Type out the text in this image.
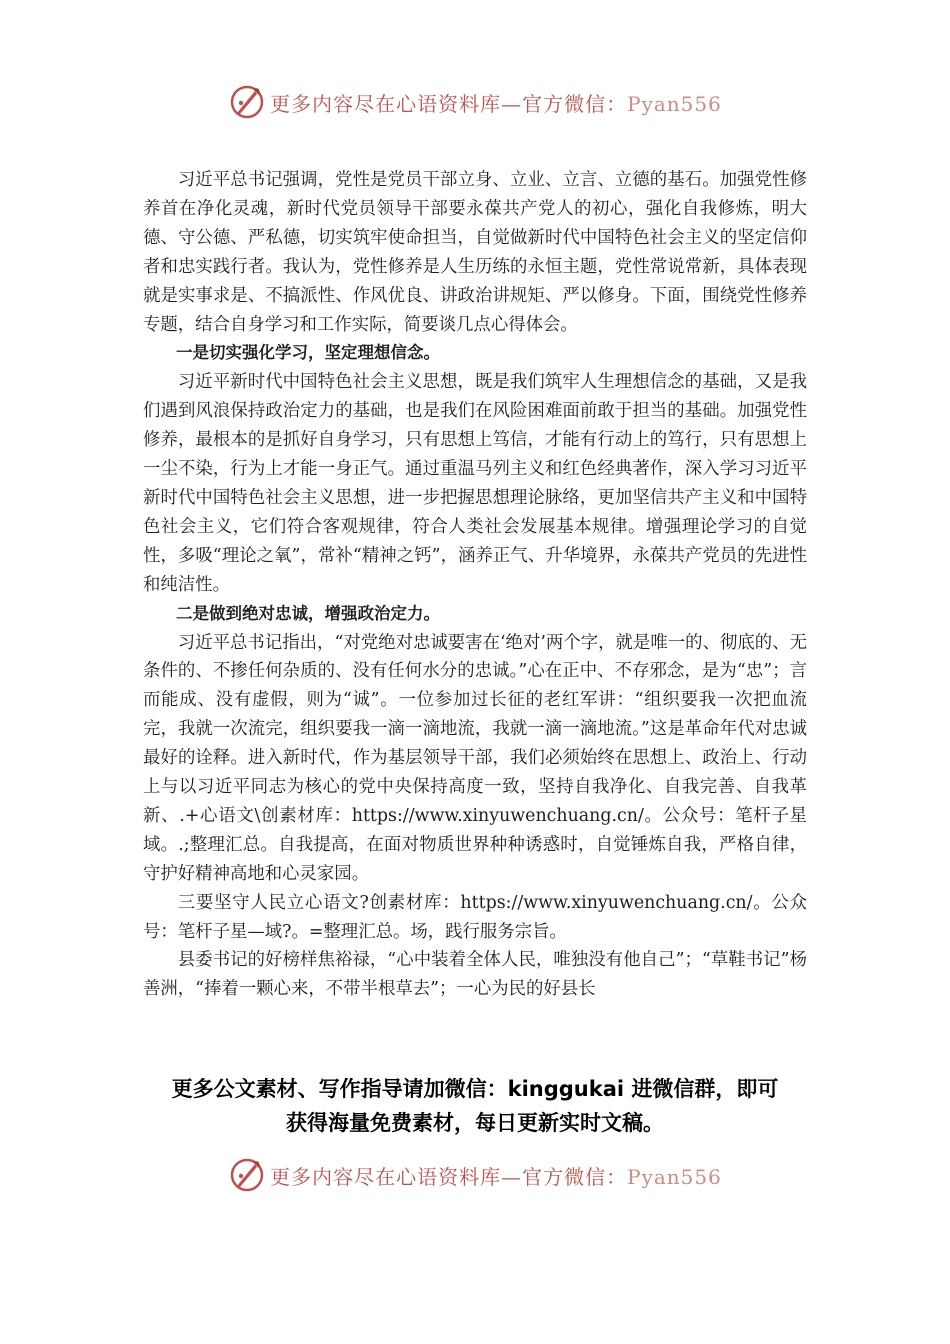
更多内容尽在心语资料库—官方微信：Pyan556

习近平总书记强调，党性是党员干部立身、立业、立言、立德的基石。加强党性修养首在净化灵魂，新时代党员领导干部要永葆共产党人的初心，强化自我修炼，明大德、守公德、严私德，切实筑牢使命担当，自觉做新时代中国特色社会主义的坚定信仰者和忠实践行者。我认为，党性修养是人生历练的永恒主题，党性常说常新，具体表现就是实事求是、不搞派性、作风优良、讲政治讲规矩、严以修身。下面，围绕党性修养专题，结合自身学习和工作实际，简要谈几点心得体会。

一是切实强化学习，坚定理想信念。

习近平新时代中国特色社会主义思想，既是我们筑牢人生理想信念的基础，又是我们遇到风浪保持政治定力的基础，也是我们在风险困难面前敢于担当的基础。加强党性修养，最根本的是抓好自身学习，只有思想上笃信，才能有行动上的笃行，只有思想上一尘不染，行为上才能一身正气。通过重温马列主义和红色经典著作，深入学习习近平新时代中国特色社会主义思想，进一步把握思想理论脉络，更加坚信共产主义和中国特色社会主义，它们符合客观规律，符合人类社会发展基本规律。增强理论学习的自觉性，多吸“理论之氧”，常补“精神之钙”，涵养正气、升华境界，永葆共产党员的先进性和纯洁性。

二是做到绝对忠诚，增强政治定力。

习近平总书记指出，“对党绝对忠诚要害在‘绝对’两个字，就是唯一的、彻底的、无条件的、不掺任何杂质的、没有任何水分的忠诚。”心在正中、不存邪念，是为“忠”；言而能成、没有虚假，则为“诚”。一位参加过长征的老红军讲：“组织要我一次把血流完，我就一次流完，组织要我一滴一滴地流，我就一滴一滴地流。”这是革命年代对忠诚最好的诠释。进入新时代，作为基层领导干部，我们必须始终在思想上、政治上、行动上与以习近平同志为核心的党中央保持高度一致，坚持自我净化、自我完善、自我革新、.+心语文\创素材库：https://www.xinyuwenchuang.cn/。公众号：笔杆子星域。.;整理汇总。自我提高，在面对物质世界种种诱惑时，自觉锤炼自我，严格自律，守护好精神高地和心灵家园。

三要坚守人民立心语文?创素材库：https://www.xinyuwenchuang.cn/。公众号：笔杆子星—域?。=整理汇总。场，践行服务宗旨。

县委书记的好榜样焦裕禄，“心中装着全体人民，唯独没有他自己”；“草鞋书记”杨善洲，“捧着一颗心来，不带半根草去”；一心为民的好县长

更多公文素材、写作指导请加微信：kinggukai 进微信群，即可
获得海量免费素材，每日更新实时文稿。
更多内容尽在心语资料库—官方微信：Pyan556
